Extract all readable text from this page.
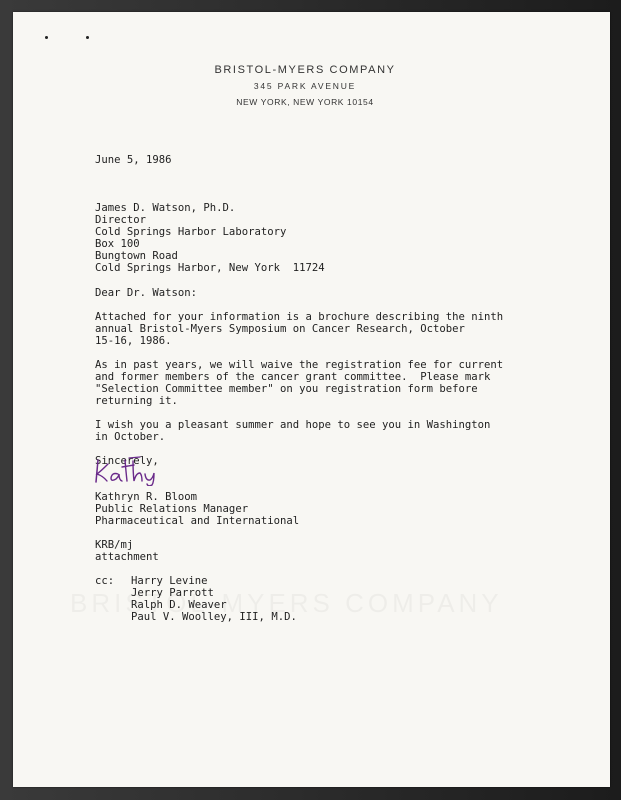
BRISTOL-MYERS COMPANY
345 PARK AVENUE
NEW YORK, NEW YORK 10154
June 5, 1986
James D. Watson, Ph.D.
Director
Cold Springs Harbor Laboratory
Box 100
Bungtown Road
Cold Springs Harbor, New York  11724
Dear Dr. Watson:
Attached for your information is a brochure describing the ninth
annual Bristol-Myers Symposium on Cancer Research, October
15-16, 1986.
As in past years, we will waive the registration fee for current
and former members of the cancer grant committee.  Please mark
"Selection Committee member" on you registration form before
returning it.
I wish you a pleasant summer and hope to see you in Washington
in October.
Sincerely,
Kathryn R. Bloom
Public Relations Manager
Pharmaceutical and International
KRB/mj
attachment
cc: Harry Levine
Jerry Parrott
Ralph D. Weaver
Paul V. Woolley, III, M.D.
